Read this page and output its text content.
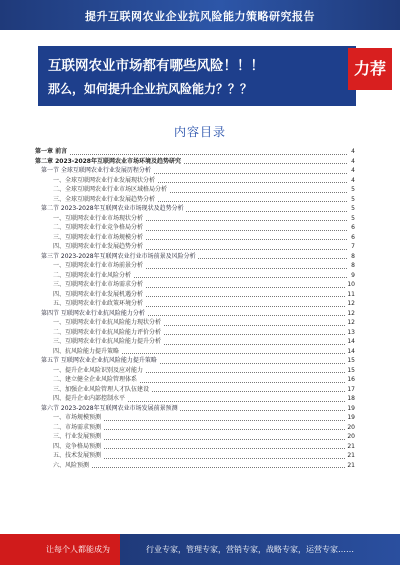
提升互联网农业企业抗风险能力策略研究报告
互联网农业市场都有哪些风险！！！
那么，如何提升企业抗风险能力？？？
力荐
内容目录
第一章 前言	4
第二章 2023-2028年互联网农业市场环境及趋势研究	4
第一节 全球互联网农业行业发展历程分析	4
一、全球互联网农业行业发展现状分析	4
二、全球互联网农业行业市场区域格局分析	5
三、全球互联网农业行业发展趋势分析	5
第二节 2023-2028年互联网农业市场现状及趋势分析	5
一、互联网农业行业市场现状分析	5
二、互联网农业行业竞争格局分析	6
三、互联网农业行业市场规模分析	6
四、互联网农业行业发展趋势分析	7
第三节 2023-2028年互联网农业行业市场前景及风险分析	8
一、互联网农业行业市场前景分析	8
二、互联网农业行业风险分析	9
三、互联网农业行业市场需求分析	10
四、互联网农业行业发展机遇分析	11
五、互联网农业行业政策环境分析	12
第四节 互联网农业行业抗风险能力分析	12
一、互联网农业行业抗风险能力现状分析	12
二、互联网农业行业抗风险能力评价分析	13
三、互联网农业行业抗风险能力提升分析	14
四、抗风险能力提升策略	14
第五节 互联网农业企业抗风险能力提升策略	15
一、提升企业风险识别及应对能力	15
二、建立健全企业风险管理体系	16
三、加强企业风险管理人才队伍建设	17
四、提升企业内部控制水平	18
第六节 2023-2028年互联网农业市场发展前景预测	19
一、市场规模预测	19
二、市场需求预测	20
三、行业发展预测	20
四、竞争格局预测	21
五、技术发展预测	21
六、风险预测	21
让每个人都能成为	行业专家，管理专家，营销专家，战略专家，运营专家……
